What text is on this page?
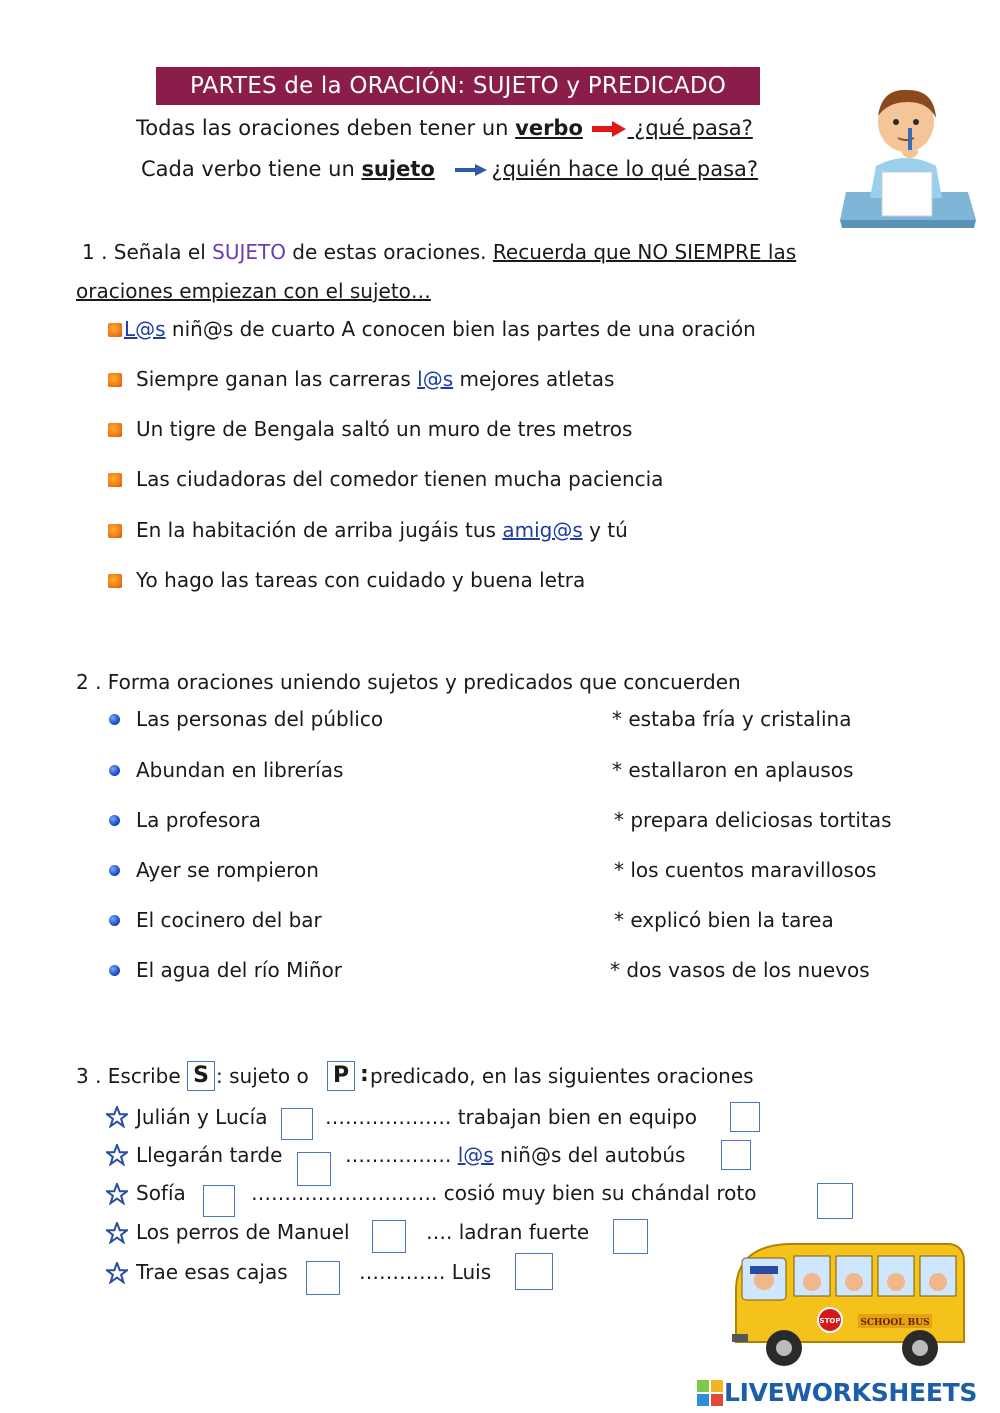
PARTES de la ORACIÓN: SUJETO y PREDICADO
Todas las oraciones deben tener un verbo  ¿qué pasa?
Cada verbo tiene un sujeto	¿quién hace lo qué pasa?
1 . Señala el SUJETO de estas oraciones. Recuerda que NO SIEMPRE las
oraciones empiezan con el sujeto…
L@s niñ@s de cuarto A conocen bien las partes de una oración
Siempre ganan las carreras l@s mejores atletas
Un tigre de Bengala saltó un muro de tres metros
Las ciudadoras del comedor tienen mucha paciencia
En la habitación de arriba jugáis tus amig@s y tú
Yo hago las tareas con cuidado y buena letra
2 . Forma oraciones uniendo sujetos y predicados que concuerden
Las personas del público	* estaba fría y cristalina
Abundan en librerías	* estallaron en aplausos
La profesora	* prepara deliciosas tortitas
Ayer se rompieron	* los cuentos maravillosos
El cocinero del bar	* explicó bien la tarea
El agua del río Miñor	* dos vasos de los nuevos
3 . Escribe S : sujeto o P : predicado, en las siguientes oraciones
Julián y Lucía	………………. trabajan bien en equipo
Llegarán tarde	……………. l@s niñ@s del autobús
Sofía	………………………. cosió muy bien su chándal roto
Los perros de Manuel	…. ladran fuerte
Trae esas cajas	…………. Luis
SCHOOL BUS
STOP
LIVEWORKSHEETS
